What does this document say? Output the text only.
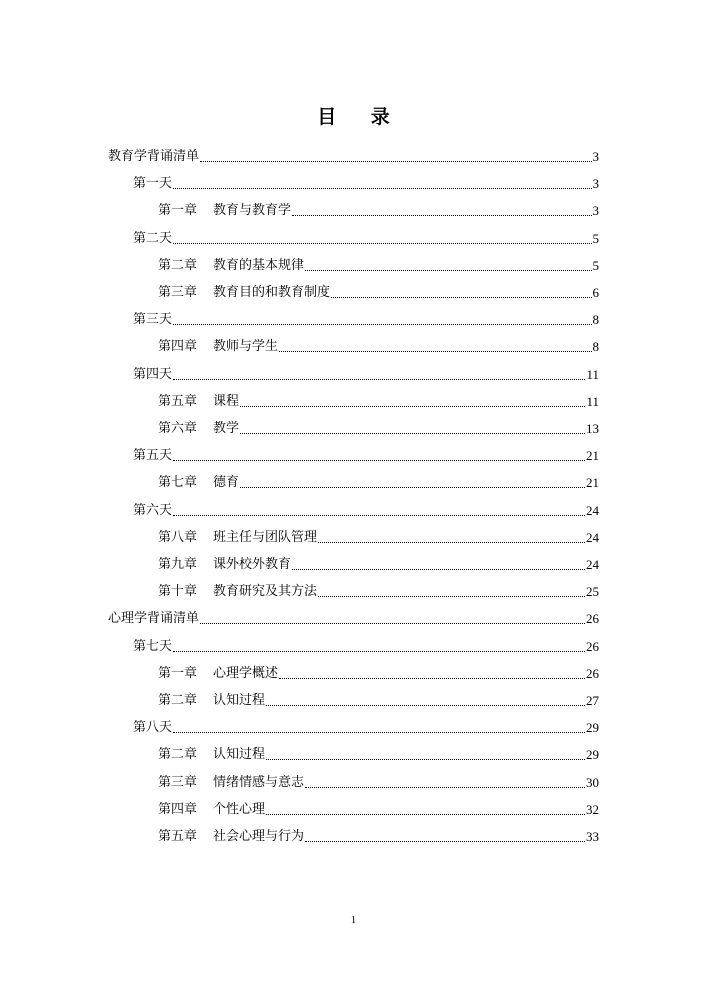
目 录
教育学背诵清单	3
第一天	3
第一章 教育与教育学	3
第二天	5
第二章 教育的基本规律	5
第三章 教育目的和教育制度	6
第三天	8
第四章 教师与学生	8
第四天	11
第五章 课程	11
第六章 教学	13
第五天	21
第七章 德育	21
第六天	24
第八章 班主任与团队管理	24
第九章 课外校外教育	24
第十章 教育研究及其方法	25
心理学背诵清单	26
第七天	26
第一章 心理学概述	26
第二章 认知过程	27
第八天	29
第二章 认知过程	29
第三章 情绪情感与意志	30
第四章 个性心理	32
第五章 社会心理与行为	33
1
